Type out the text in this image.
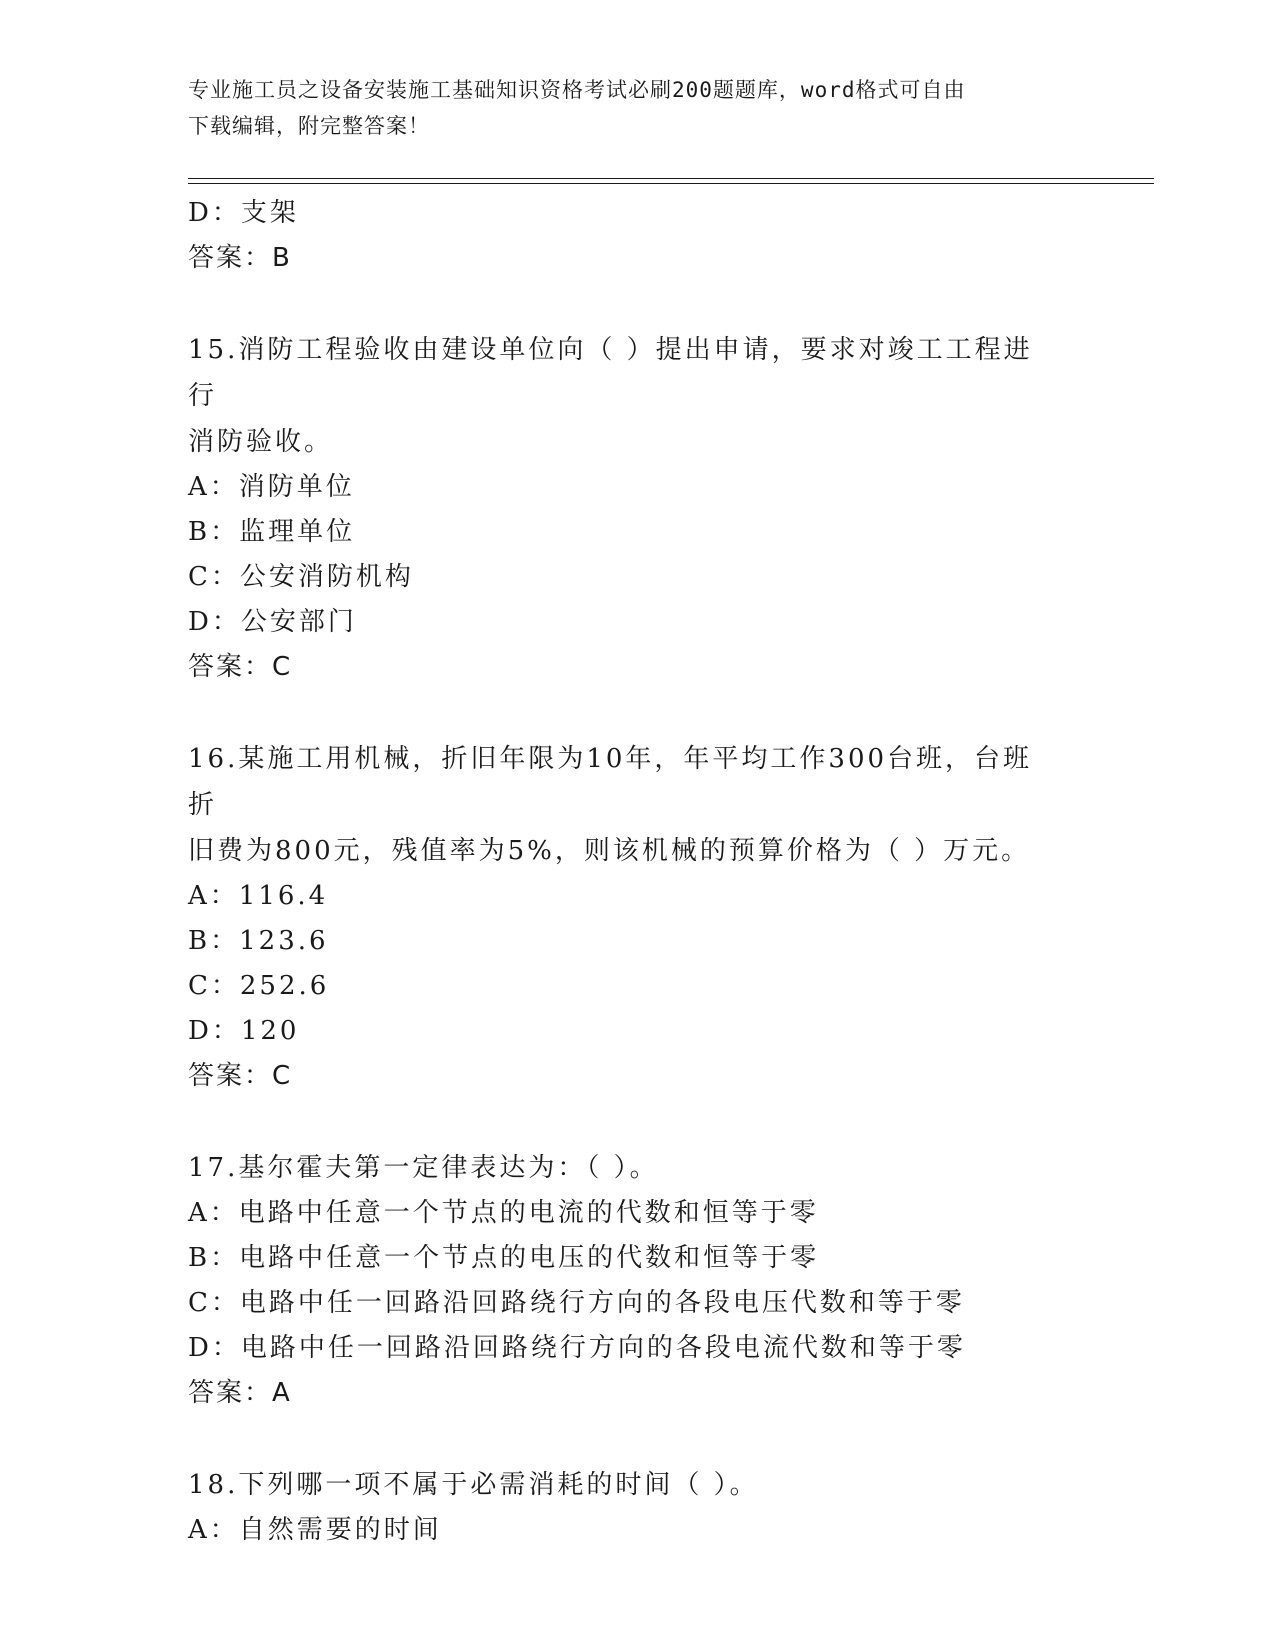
专业施工员之设备安装施工基础知识资格考试必刷200题题库，word格式可自由
下载编辑，附完整答案！
D：支架
答案：B
15.消防工程验收由建设单位向（ ）提出申请，要求对竣工工程进行
消防验收。
A：消防单位
B：监理单位
C：公安消防机构
D：公安部门
答案：C
16.某施工用机械，折旧年限为10年，年平均工作300台班，台班折
旧费为800元，残值率为5%，则该机械的预算价格为（ ）万元。
A：116.4
B：123.6
C：252.6
D：120
答案：C
17.基尔霍夫第一定律表达为：（ ）。
A：电路中任意一个节点的电流的代数和恒等于零
B：电路中任意一个节点的电压的代数和恒等于零
C：电路中任一回路沿回路绕行方向的各段电压代数和等于零
D：电路中任一回路沿回路绕行方向的各段电流代数和等于零
答案：A
18.下列哪一项不属于必需消耗的时间（ ）。
A：自然需要的时间
